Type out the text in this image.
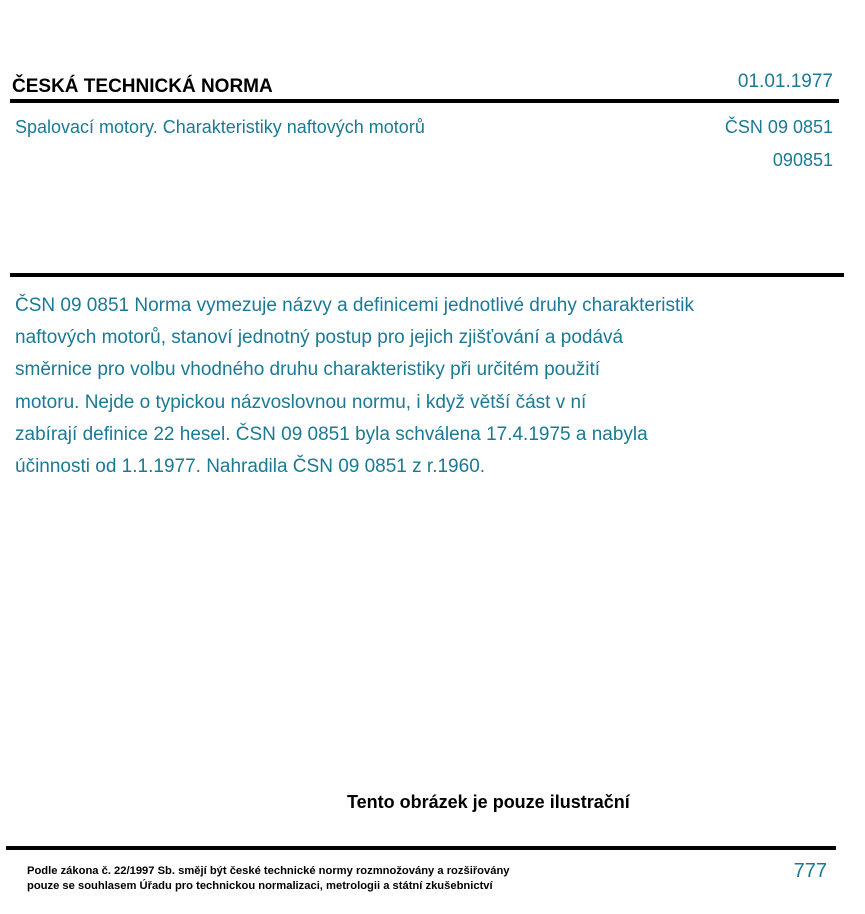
ČESKÁ TECHNICKÁ NORMA	01.01.1977
Spalovací motory. Charakteristiky naftových motorů	ČSN 09 0851
090851
ČSN 09 0851 Norma vymezuje názvy a definicemi jednotlivé druhy charakteristik
naftových motorů, stanoví jednotný postup pro jejich zjišťování a podává
směrnice pro volbu vhodného druhu charakteristiky při určitém použití
motoru. Nejde o typickou názvoslovnou normu, i když větší část v ní
zabírají definice 22 hesel. ČSN 09 0851 byla schválena 17.4.1975 a nabyla
účinnosti od 1.1.1977. Nahradila ČSN 09 0851 z r.1960.
Tento obrázek je pouze ilustrační
Podle zákona č. 22/1997 Sb. smějí být české technické normy rozmnožovány a rozšiřovány
pouze se souhlasem Úřadu pro technickou normalizaci, metrologii a státní zkušebnictví
777
